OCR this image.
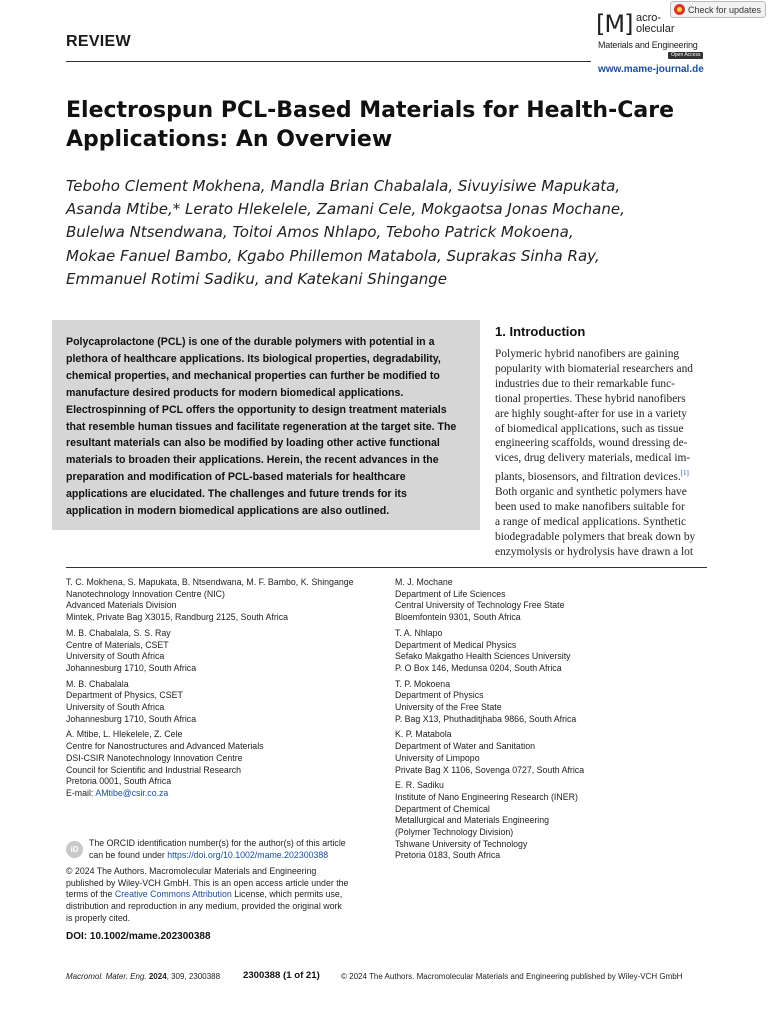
REVIEW
Check for updates
[M] acro-
olecular
Materials and Engineering
Open Access
www.mame-journal.de
Electrospun PCL-Based Materials for Health-Care
Applications: An Overview
Teboho Clement Mokhena, Mandla Brian Chabalala, Sivuyisiwe Mapukata,
Asanda Mtibe,* Lerato Hlekelele, Zamani Cele, Mokgaotsa Jonas Mochane,
Bulelwa Ntsendwana, Toitoi Amos Nhlapo, Teboho Patrick Mokoena,
Mokae Fanuel Bambo, Kgabo Phillemon Matabola, Suprakas Sinha Ray,
Emmanuel Rotimi Sadiku, and Katekani Shingange
Polycaprolactone (PCL) is one of the durable polymers with potential in a
plethora of healthcare applications. Its biological properties, degradability,
chemical properties, and mechanical properties can further be modified to
manufacture desired products for modern biomedical applications.
Electrospinning of PCL offers the opportunity to design treatment materials
that resemble human tissues and facilitate regeneration at the target site. The
resultant materials can also be modified by loading other active functional
materials to broaden their applications. Herein, the recent advances in the
preparation and modification of PCL-based materials for healthcare
applications are elucidated. The challenges and future trends for its
application in modern biomedical applications are also outlined.
1. Introduction
Polymeric hybrid nanofibers are gaining
popularity with biomaterial researchers and
industries due to their remarkable func-
tional properties. These hybrid nanofibers
are highly sought-after for use in a variety
of biomedical applications, such as tissue
engineering scaffolds, wound dressing de-
vices, drug delivery materials, medical im-
plants, biosensors, and filtration devices.[1]
Both organic and synthetic polymers have
been used to make nanofibers suitable for
a range of medical applications. Synthetic
biodegradable polymers that break down by
enzymolysis or hydrolysis have drawn a lot
T. C. Mokhena, S. Mapukata, B. Ntsendwana, M. F. Bambo, K. Shingange
Nanotechnology Innovation Centre (NIC)
Advanced Materials Division
Mintek, Private Bag X3015, Randburg 2125, South Africa
M. B. Chabalala, S. S. Ray
Centre of Materials, CSET
University of South Africa
Johannesburg 1710, South Africa
M. B. Chabalala
Department of Physics, CSET
University of South Africa
Johannesburg 1710, South Africa
A. Mtibe, L. Hlekelele, Z. Cele
Centre for Nanostructures and Advanced Materials
DSI-CSIR Nanotechnology Innovation Centre
Council for Scientific and Industrial Research
Pretoria 0001, South Africa
E-mail: AMtibe@csir.co.za
M. J. Mochane
Department of Life Sciences
Central University of Technology Free State
Bloemfontein 9301, South Africa
T. A. Nhlapo
Department of Medical Physics
Sefako Makgatho Health Sciences University
P. O Box 146, Medunsa 0204, South Africa
T. P. Mokoena
Department of Physics
University of the Free State
P. Bag X13, Phuthaditjhaba 9866, South Africa
K. P. Matabola
Department of Water and Sanitation
University of Limpopo
Private Bag X 1106, Sovenga 0727, South Africa
E. R. Sadiku
Institute of Nano Engineering Research (INER)
Department of Chemical
Metallurgical and Materials Engineering
(Polymer Technology Division)
Tshwane University of Technology
Pretoria 0183, South Africa
iD
The ORCID identification number(s) for the author(s) of this article
can be found under https://doi.org/10.1002/mame.202300388
© 2024 The Authors. Macromolecular Materials and Engineering
published by Wiley-VCH GmbH. This is an open access article under the
terms of the Creative Commons Attribution License, which permits use,
distribution and reproduction in any medium, provided the original work
is properly cited.
DOI: 10.1002/mame.202300388
Macromol. Mater. Eng. 2024, 309, 2300388 2300388 (1 of 21)	© 2024 The Authors. Macromolecular Materials and Engineering published by Wiley-VCH GmbH
